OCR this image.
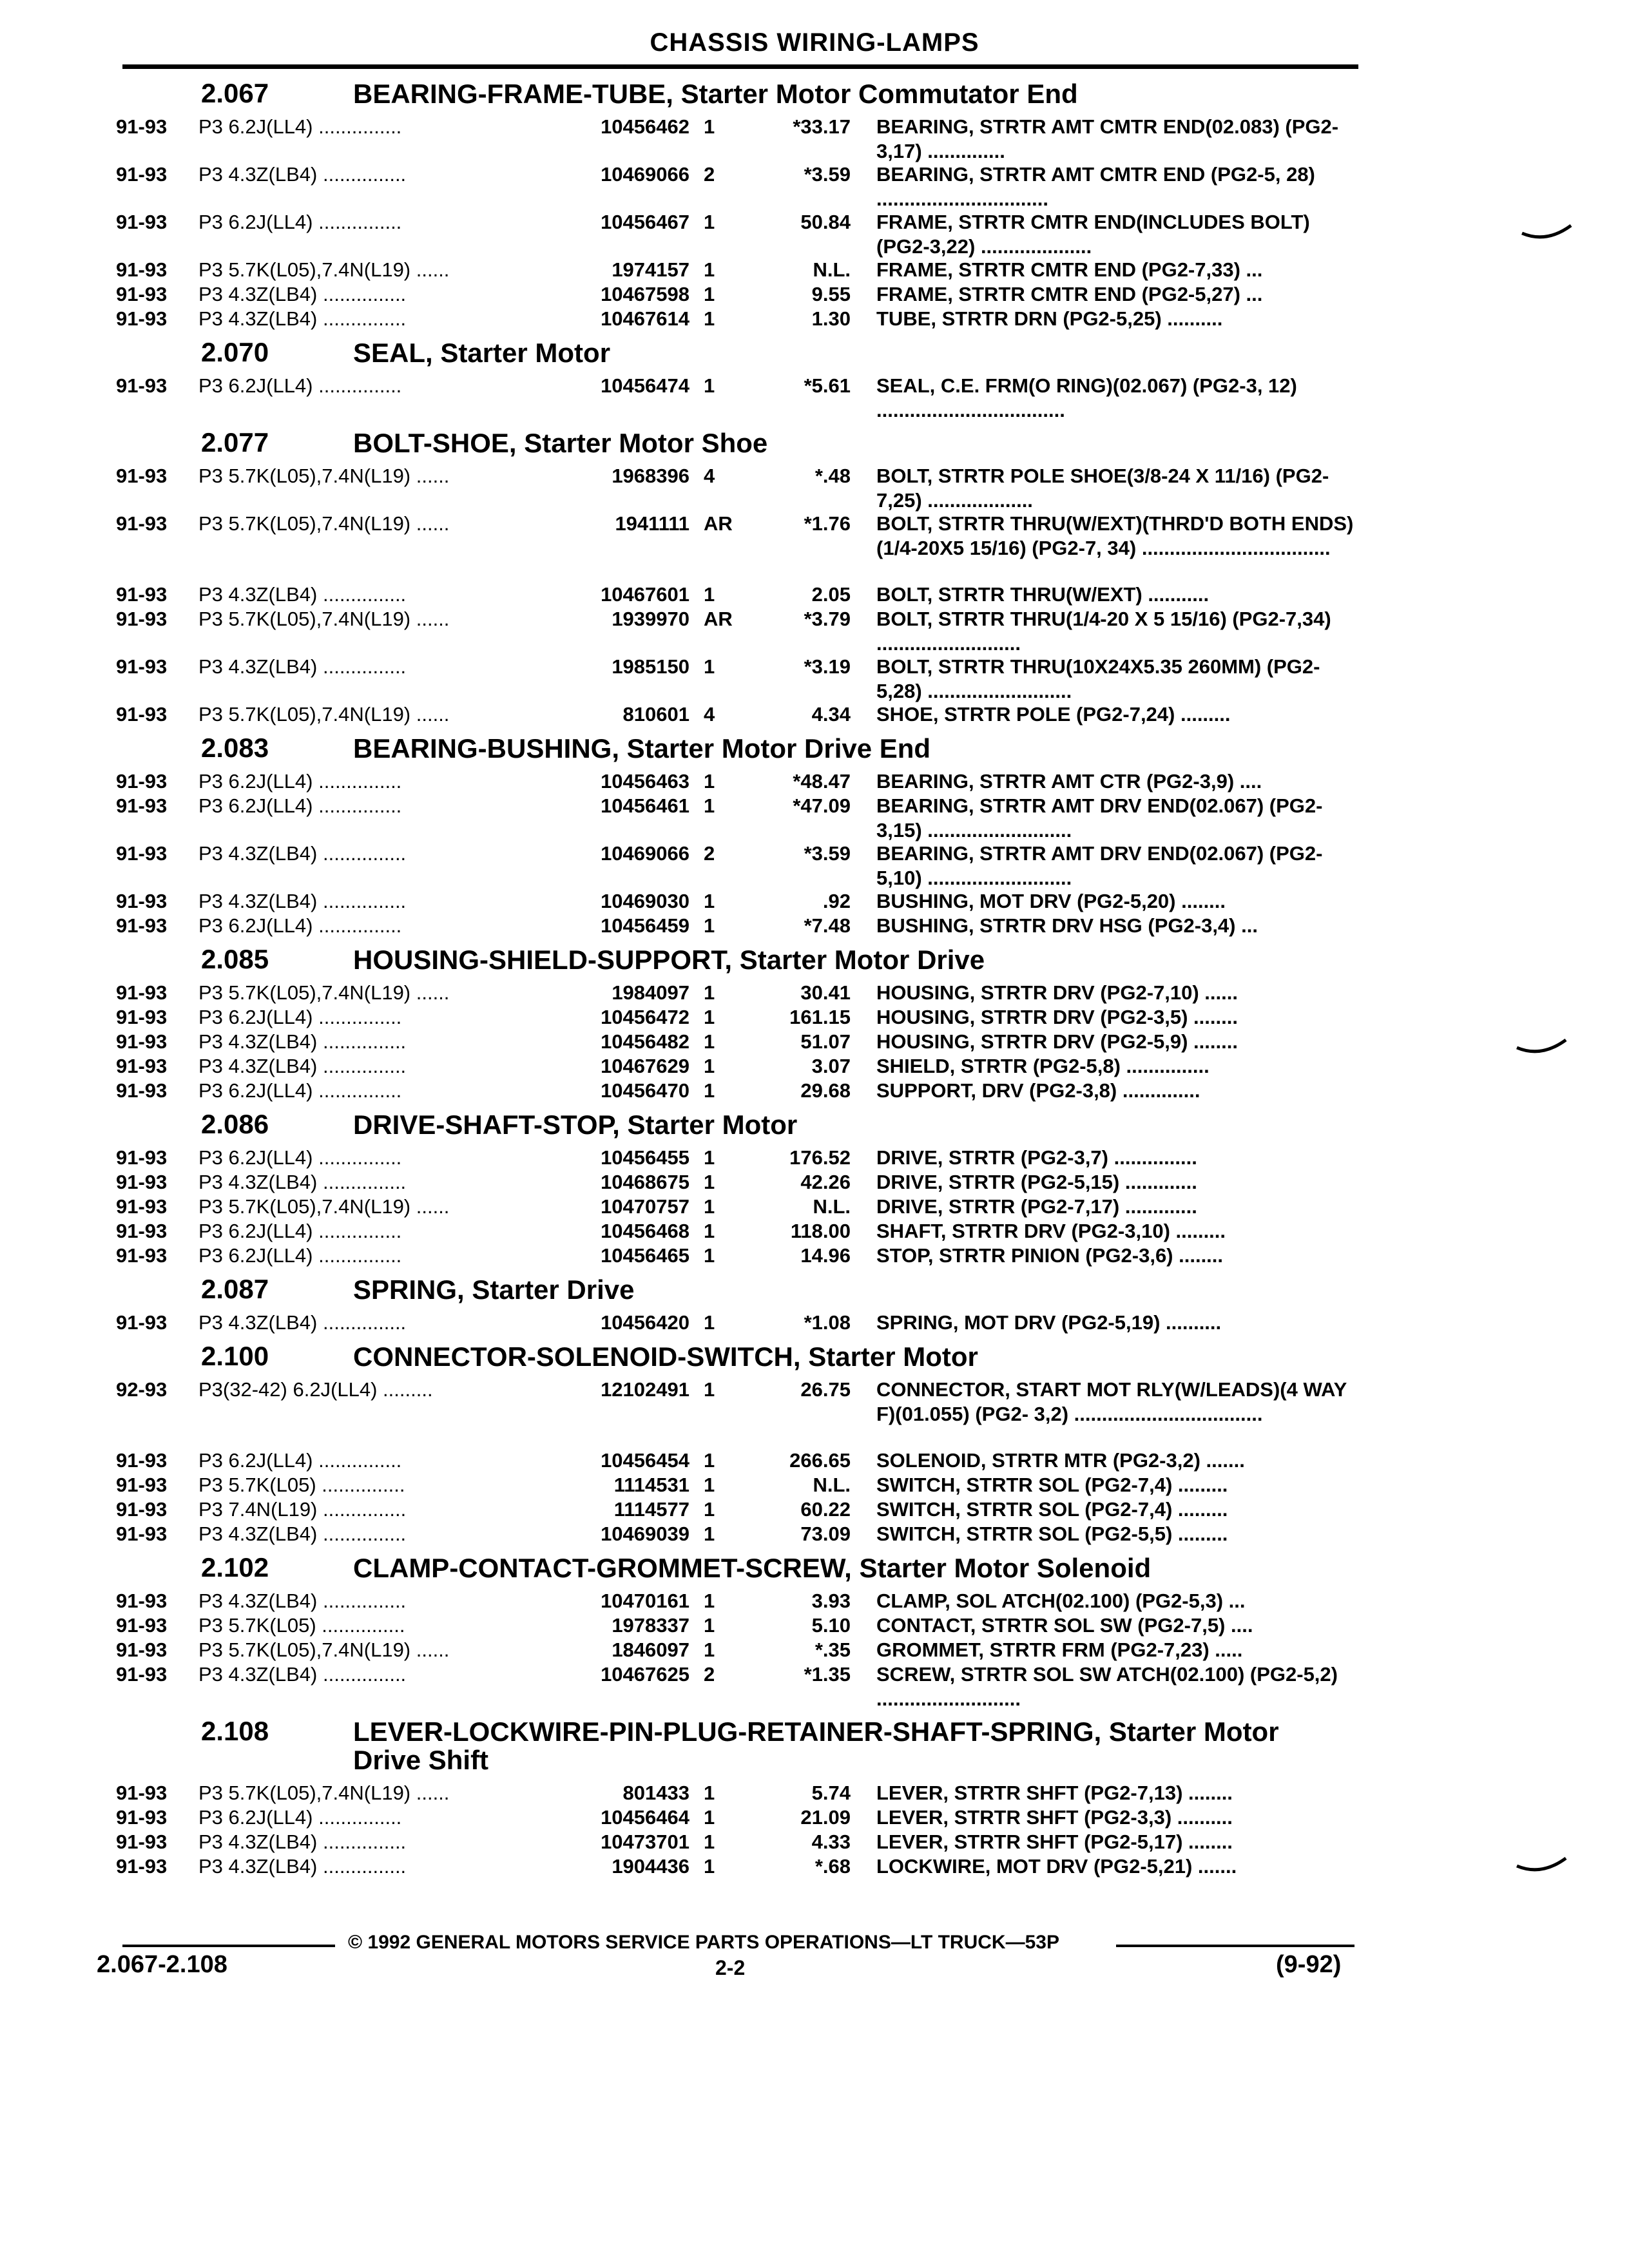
CHASSIS WIRING-LAMPS
2.067	BEARING-FRAME-TUBE, Starter Motor Commutator End
91-93	P3 6.2J(LL4) ...............	10456462 1	*33.17 BEARING, STRTR AMT CMTR END(02.083) (PG2-3,17) ..............
91-93	P3 4.3Z(LB4) ...............	10469066 2	*3.59 BEARING, STRTR AMT CMTR END (PG2-5, 28) ...............................
91-93	P3 6.2J(LL4) ...............	10456467 1	50.84 FRAME, STRTR CMTR END(INCLUDES BOLT) (PG2-3,22) ....................
91-93	P3 5.7K(L05),7.4N(L19) ......	1974157 1	N.L. FRAME, STRTR CMTR END (PG2-7,33) ...
91-93	P3 4.3Z(LB4) ...............	10467598 1	9.55 FRAME, STRTR CMTR END (PG2-5,27) ...
91-93	P3 4.3Z(LB4) ...............	10467614 1	1.30 TUBE, STRTR DRN (PG2-5,25) ..........
2.070	SEAL, Starter Motor
91-93	P3 6.2J(LL4) ...............	10456474 1	*5.61 SEAL, C.E. FRM(O RING)(02.067) (PG2-3, 12) ..................................
2.077	BOLT-SHOE, Starter Motor Shoe
91-93	P3 5.7K(L05),7.4N(L19) ......	1968396 4	*.48 BOLT, STRTR POLE SHOE(3/8-24 X 11/16) (PG2-7,25) ...................
91-93	P3 5.7K(L05),7.4N(L19) ......	1941111 AR	*1.76 BOLT, STRTR THRU(W/EXT)(THRD'D BOTH ENDS)(1/4-20X5 15/16) (PG2-7, 34) ..................................
91-93	P3 4.3Z(LB4) ...............	10467601 1	2.05 BOLT, STRTR THRU(W/EXT) ...........
91-93	P3 5.7K(L05),7.4N(L19) ......	1939970 AR	*3.79 BOLT, STRTR THRU(1/4-20 X 5 15/16) (PG2-7,34) ..........................
91-93	P3 4.3Z(LB4) ...............	1985150 1	*3.19 BOLT, STRTR THRU(10X24X5.35 260MM) (PG2-5,28) ..........................
91-93	P3 5.7K(L05),7.4N(L19) ......	810601 4	4.34 SHOE, STRTR POLE (PG2-7,24) .........
2.083	BEARING-BUSHING, Starter Motor Drive End
91-93	P3 6.2J(LL4) ...............	10456463 1	*48.47 BEARING, STRTR AMT CTR (PG2-3,9) ....
91-93	P3 6.2J(LL4) ...............	10456461 1	*47.09 BEARING, STRTR AMT DRV END(02.067) (PG2-3,15) ..........................
91-93	P3 4.3Z(LB4) ...............	10469066 2	*3.59 BEARING, STRTR AMT DRV END(02.067) (PG2-5,10) ..........................
91-93	P3 4.3Z(LB4) ...............	10469030 1	.92 BUSHING, MOT DRV (PG2-5,20) ........
91-93	P3 6.2J(LL4) ...............	10456459 1	*7.48 BUSHING, STRTR DRV HSG (PG2-3,4) ...
2.085	HOUSING-SHIELD-SUPPORT, Starter Motor Drive
91-93	P3 5.7K(L05),7.4N(L19) ......	1984097 1	30.41 HOUSING, STRTR DRV (PG2-7,10) ......
91-93	P3 6.2J(LL4) ...............	10456472 1	161.15 HOUSING, STRTR DRV (PG2-3,5) ........
91-93	P3 4.3Z(LB4) ...............	10456482 1	51.07 HOUSING, STRTR DRV (PG2-5,9) ........
91-93	P3 4.3Z(LB4) ...............	10467629 1	3.07 SHIELD, STRTR (PG2-5,8) ...............
91-93	P3 6.2J(LL4) ...............	10456470 1	29.68 SUPPORT, DRV (PG2-3,8) ..............
2.086	DRIVE-SHAFT-STOP, Starter Motor
91-93	P3 6.2J(LL4) ...............	10456455 1	176.52 DRIVE, STRTR (PG2-3,7) ...............
91-93	P3 4.3Z(LB4) ...............	10468675 1	42.26 DRIVE, STRTR (PG2-5,15) .............
91-93	P3 5.7K(L05),7.4N(L19) ......	10470757 1	N.L. DRIVE, STRTR (PG2-7,17) .............
91-93	P3 6.2J(LL4) ...............	10456468 1	118.00 SHAFT, STRTR DRV (PG2-3,10) .........
91-93	P3 6.2J(LL4) ...............	10456465 1	14.96 STOP, STRTR PINION (PG2-3,6) ........
2.087	SPRING, Starter Drive
91-93	P3 4.3Z(LB4) ...............	10456420 1	*1.08 SPRING, MOT DRV (PG2-5,19) ..........
2.100	CONNECTOR-SOLENOID-SWITCH, Starter Motor
92-93	P3(32-42) 6.2J(LL4) .........	12102491 1	26.75 CONNECTOR, START MOT RLY(W/LEADS)(4 WAY F)(01.055) (PG2- 3,2) ..................................
91-93	P3 6.2J(LL4) ...............	10456454 1	266.65 SOLENOID, STRTR MTR (PG2-3,2) .......
91-93	P3 5.7K(L05) ...............	1114531 1	N.L. SWITCH, STRTR SOL (PG2-7,4) .........
91-93	P3 7.4N(L19) ...............	1114577 1	60.22 SWITCH, STRTR SOL (PG2-7,4) .........
91-93	P3 4.3Z(LB4) ...............	10469039 1	73.09 SWITCH, STRTR SOL (PG2-5,5) .........
2.102	CLAMP-CONTACT-GROMMET-SCREW, Starter Motor Solenoid
91-93	P3 4.3Z(LB4) ...............	10470161 1	3.93 CLAMP, SOL ATCH(02.100) (PG2-5,3) ...
91-93	P3 5.7K(L05) ...............	1978337 1	5.10 CONTACT, STRTR SOL SW (PG2-7,5) ....
91-93	P3 5.7K(L05),7.4N(L19) ......	1846097 1	*.35 GROMMET, STRTR FRM (PG2-7,23) .....
91-93	P3 4.3Z(LB4) ...............	10467625 2	*1.35 SCREW, STRTR SOL SW ATCH(02.100) (PG2-5,2) ..........................
2.108	LEVER-LOCKWIRE-PIN-PLUG-RETAINER-SHAFT-SPRING, Starter Motor Drive Shift
91-93	P3 5.7K(L05),7.4N(L19) ......	801433 1	5.74 LEVER, STRTR SHFT (PG2-7,13) ........
91-93	P3 6.2J(LL4) ...............	10456464 1	21.09 LEVER, STRTR SHFT (PG2-3,3) ..........
91-93	P3 4.3Z(LB4) ...............	10473701 1	4.33 LEVER, STRTR SHFT (PG2-5,17) ........
91-93	P3 4.3Z(LB4) ...............	1904436 1	*.68 LOCKWIRE, MOT DRV (PG2-5,21) .......
© 1992 GENERAL MOTORS SERVICE PARTS OPERATIONS—LT TRUCK—53P
2.067-2.108	2-2	(9-92)
